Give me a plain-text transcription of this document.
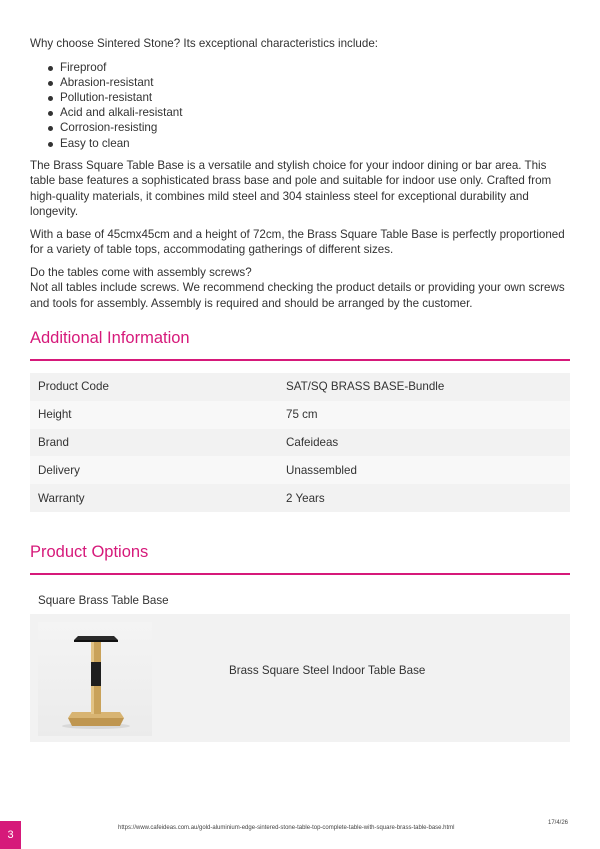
Why choose Sintered Stone? Its exceptional characteristics include:

Fireproof
Abrasion-resistant
Pollution-resistant
Acid and alkali-resistant
Corrosion-resisting
Easy to clean

The Brass Square Table Base is a versatile and stylish choice for your indoor dining or bar area. This table base features a sophisticated brass base and pole and suitable for indoor use only. Crafted from high-quality materials, it combines mild steel and 304 stainless steel for exceptional durability and longevity.

With a base of 45cmx45cm and a height of 72cm, the Brass Square Table Base is perfectly proportioned for a variety of table tops, accommodating gatherings of different sizes.

Do the tables come with assembly screws?

Not all tables include screws. We recommend checking the product details or providing your own screws and tools for assembly. Assembly is required and should be arranged by the customer.

Additional Information
Product Code	SAT/SQ BRASS BASE-Bundle
Height	75 cm
Brand	Cafeideas
Delivery	Unassembled
Warranty	2 Years
Product Options
Square Brass Table Base
Brass Square Steel Indoor Table Base
3
https://www.cafeideas.com.au/gold-aluminium-edge-sintered-stone-table-top-complete-table-with-square-brass-table-base.html
17/4/26
